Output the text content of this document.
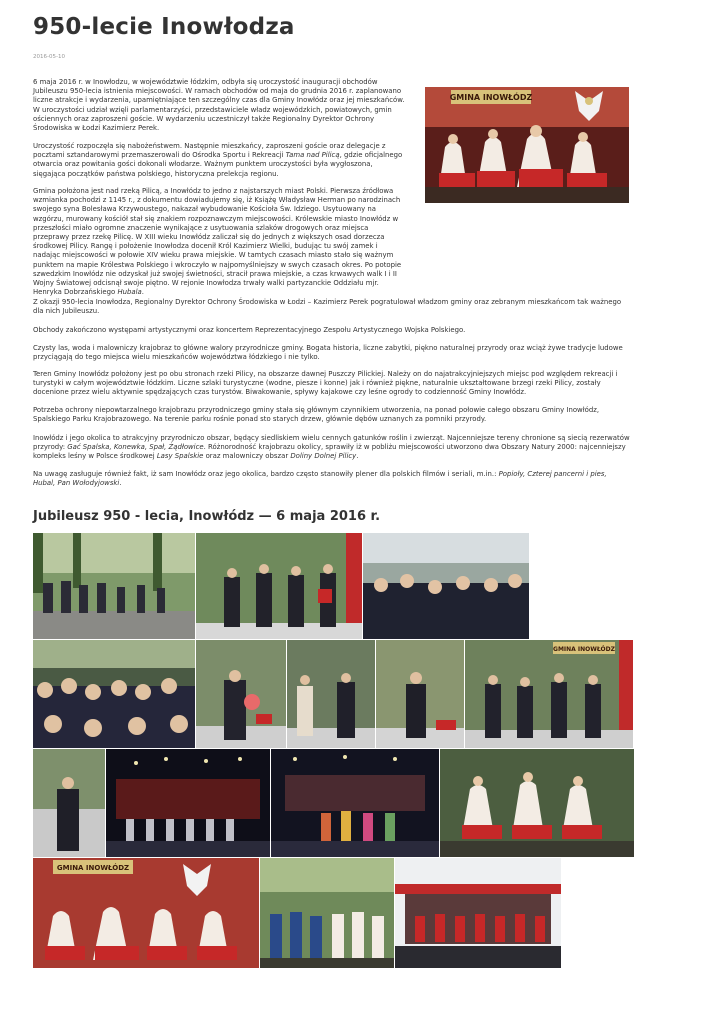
950-lecie Inowłodza
2016-05-10

6 maja 2016 r. w Inowłodzu, w województwie łódzkim, odbyła się uroczystość inauguracji obchodów Jubileuszu 950-lecia istnienia miejscowości. W ramach obchodów od maja do grudnia 2016 r. zaplanowano liczne atrakcje i wydarzenia, upamiętniające ten szczególny czas dla Gminy Inowłódz oraz jej mieszkańców. W uroczystości udział wzięli parlamentarzyści, przedstawiciele władz wojewódzkich, powiatowych, gmin ościennych oraz zaproszeni goście. W wydarzeniu uczestniczył także Regionalny Dyrektor Ochrony Środowiska w Łodzi Kazimierz Perek.

Uroczystość rozpoczęła się nabożeństwem. Następnie mieszkańcy, zaproszeni goście oraz delegacje z pocztami sztandarowymi przemaszerowali do Ośrodka Sportu i Rekreacji Tama nad Pilicą, gdzie oficjalnego otwarcia oraz powitania gości dokonali włodarze. Ważnym punktem uroczystości była wygłoszona, sięgająca początków państwa polskiego, historyczna prelekcja regionu.

Gmina położona jest nad rzeką Pilicą, a Inowłódz to jedno z najstarszych miast Polski. Pierwsza źródłowa wzmianka pochodzi z 1145 r., z dokumentu dowiadujemy się, iż Książę Władysław Herman po narodzinach swojego syna Bolesława Krzywoustego, nakazał wybudowanie Kościoła Św. Idziego. Usytuowany na wzgórzu, murowany kościół stał się znakiem rozpoznawczym miejscowości. Królewskie miasto Inowłódz w przeszłości miało ogromne znaczenie wynikające z usytuowania szlaków drogowych oraz miejsca przeprawy przez rzekę Pilicę. W XIII wieku Inowłódz zaliczał się do jednych z większych osad dorzecza środkowej Pilicy. Rangę i położenie Inowłodza docenił Król Kazimierz Wielki, budując tu swój zamek i nadając miejscowości w połowie XIV wieku prawa miejskie. W tamtych czasach miasto stało się ważnym punktem na mapie Królestwa Polskiego i wkroczyło w najpomyślniejszy w swych czasach okres. Po potopie szwedzkim Inowłódz nie odzyskał już swojej świetności, stracił prawa miejskie, a czas krwawych walk I i II Wojny Światowej odcisnął swoje piętno. W rejonie Inowłodza trwały walki partyzanckie Oddziału mjr. Henryka Dobrzańskiego Hubala.

Z okazji 950-lecia Inowłodza, Regionalny Dyrektor Ochrony Środowiska w Łodzi – Kazimierz Perek pogratulował władzom gminy oraz zebranym mieszkańcom tak ważnego dla nich Jubileuszu.

Obchody zakończono występami artystycznymi oraz koncertem Reprezentacyjnego Zespołu Artystycznego Wojska Polskiego.

Czysty las, woda i malowniczy krajobraz to główne walory przyrodnicze gminy. Bogata historia, liczne zabytki, piękno naturalnej przyrody oraz wciąż żywe tradycje ludowe przyciągają do tego miejsca wielu mieszkańców województwa łódzkiego i nie tylko.

Teren Gminy Inowłódz położony jest po obu stronach rzeki Pilicy, na obszarze dawnej Puszczy Pilickiej. Należy on do najatrakcyjniejszych miejsc pod względem rekreacji i turystyki w całym województwie łódzkim. Liczne szlaki turystyczne (wodne, piesze i konne) jak i również piękne, naturalnie ukształtowane brzegi rzeki Pilicy, zostały docenione przez wielu aktywnie spędzających czas turystów. Biwakowanie, spływy kajakowe czy leśne ogrody to codzienność Gminy Inowłódz.

Potrzeba ochrony niepowtarzalnego krajobrazu przyrodniczego gminy stała się głównym czynnikiem utworzenia, na ponad połowie całego obszaru Gminy Inowłódz, Spalskiego Parku Krajobrazowego. Na terenie parku rośnie ponad sto starych drzew, głównie dębów uznanych za pomniki przyrody.

Inowłódz i jego okolica to atrakcyjny przyrodniczo obszar, będący siedliskiem wielu cennych gatunków roślin i zwierząt. Najcenniejsze tereny chronione są siecią rezerwatów przyrody: Gać Spalska, Konewka, Spał, Żądłowice. Różnorodność krajobrazu okolicy, sprawiły iż w pobliżu miejscowości utworzono dwa Obszary Natury 2000: najcenniejszy kompleks leśny w Polsce środkowej Lasy Spalskie oraz malowniczy obszar Doliny Dolnej Pilicy.

Na uwagę zasługuje również fakt, iż sam Inowłódz oraz jego okolica, bardzo często stanowiły plener dla polskich filmów i seriali, m.in.: Popioły, Czterej pancerni i pies, Hubal, Pan Wołodyjowski.

GMINA INOWŁÓDZ
Jubileusz 950 - lecia, Inowłódz — 6 maja 2016 r.
GMINA INOWŁÓDZ
GMINA INOWŁÓDZ
